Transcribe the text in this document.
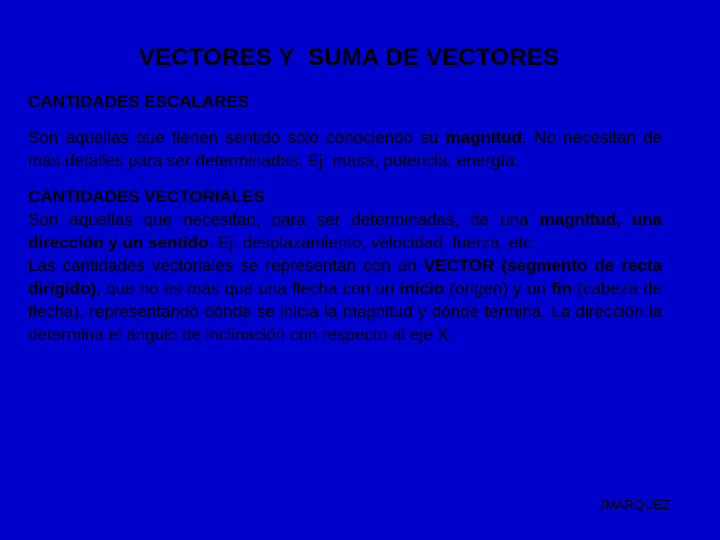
VECTORES Y  SUMA DE VECTORES
CANTIDADES ESCALARES

Son aquellas que tienen sentido sólo conociendo su magnitud. No necesitan de más detalles para ser determinadas. Ej: masa, potencia, energía.

CANTIDADES VECTORIALES

Son aquellas que necesitan, para ser determinadas, de una magnitud, una dirección y un sentido. Ej: desplazamiento, velocidad, fuerza, etc.

Las cantidades vectoriales se representan con un VECTOR (segmento de recta dirigido), que no es más que una flecha con un inicio (origen) y un fin (cabeza de flecha), representando dónde se inicia la magnitud y dónde termina. La dirección la determina el ángulo de inclinación con respecto al eje X.

JMARQUEZ
